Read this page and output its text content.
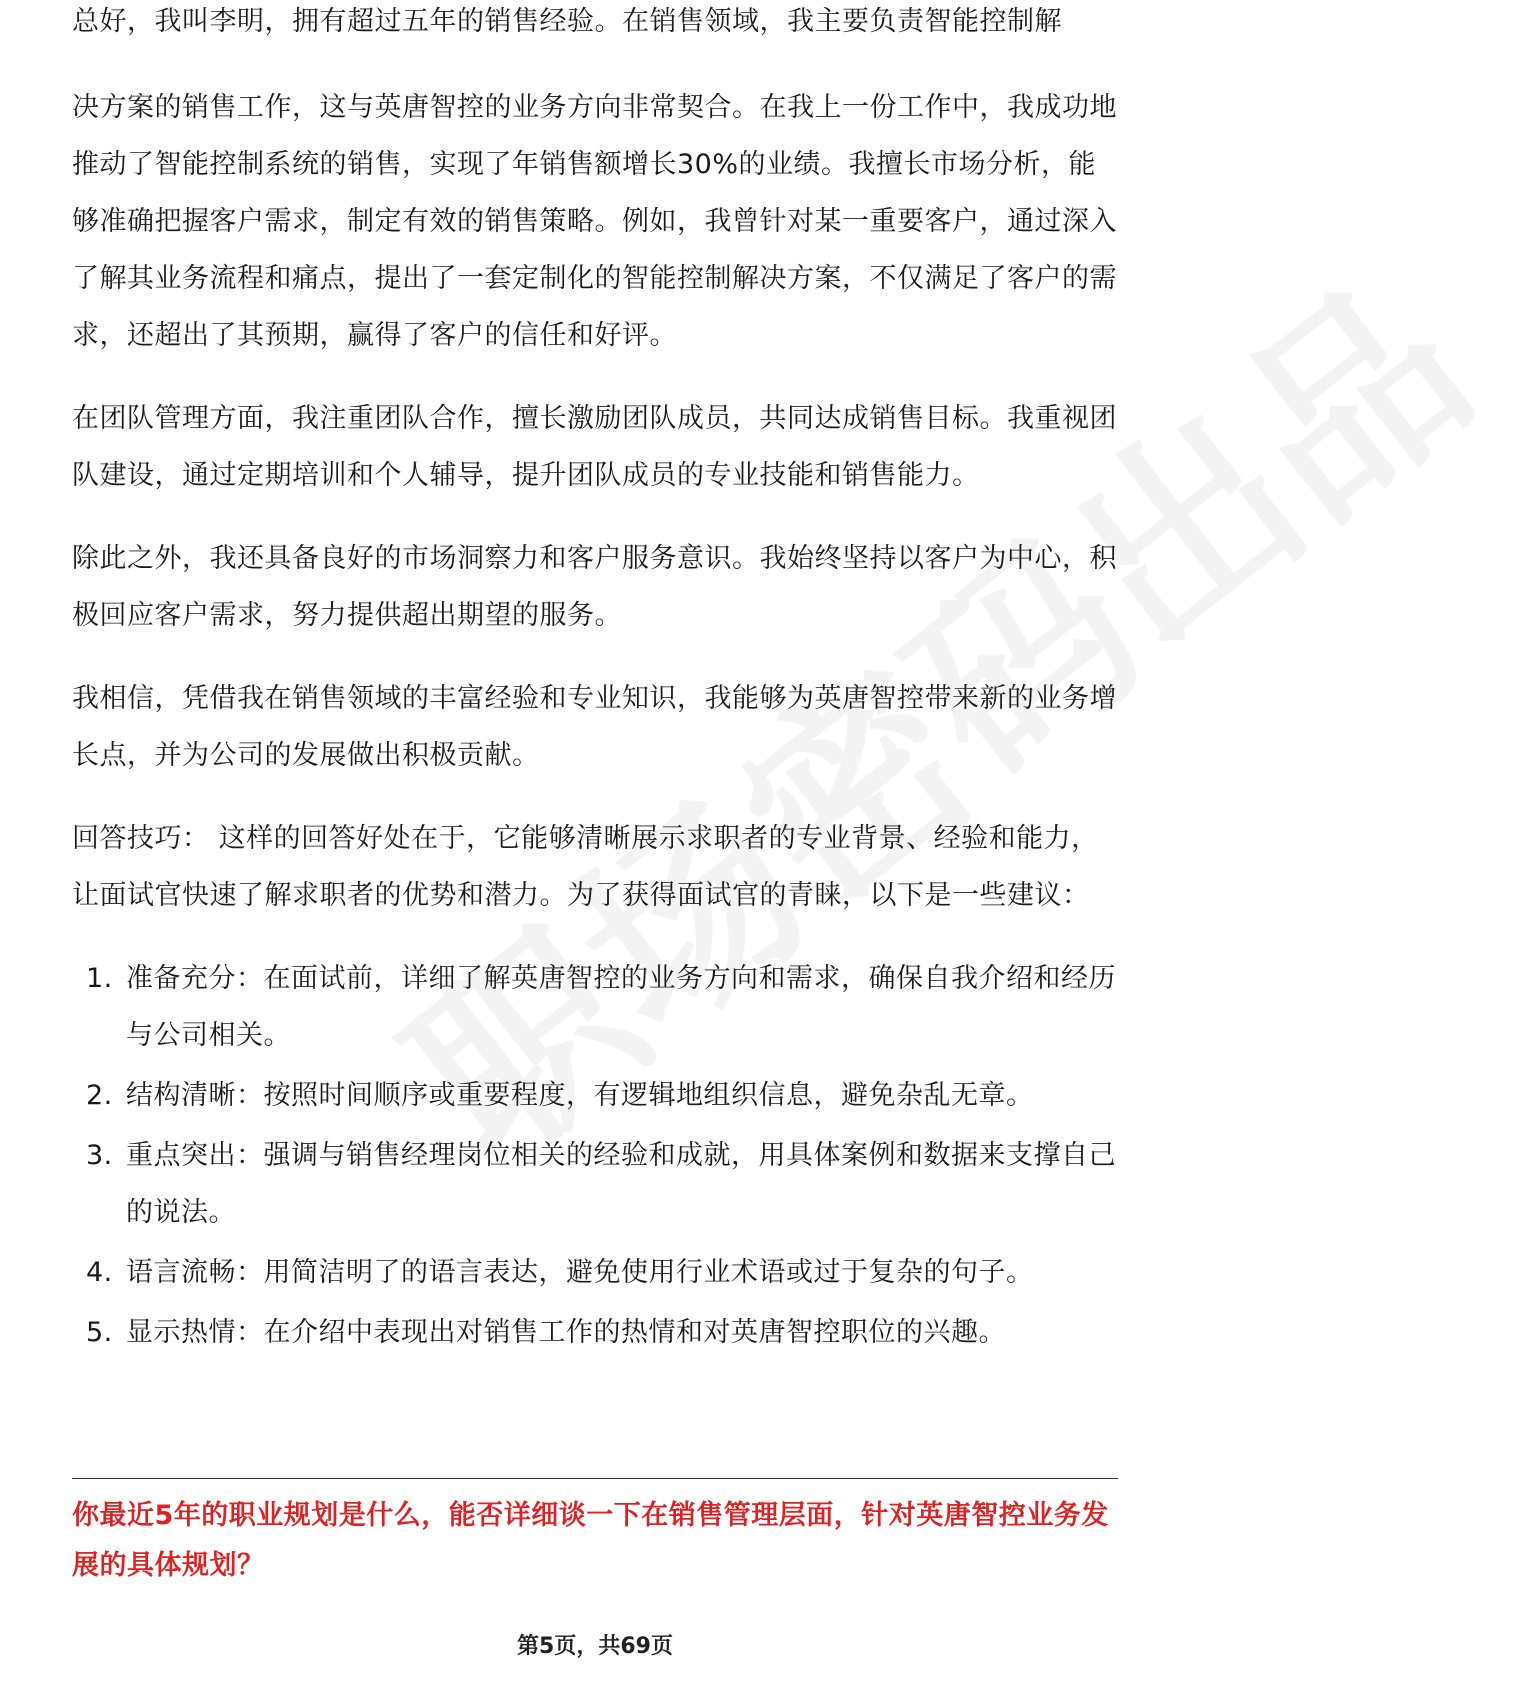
总好，我叫李明，拥有超过五年的销售经验。在销售领域，我主要负责智能控制解
决方案的销售工作，这与英唐智控的业务方向非常契合。在我上一份工作中，我成功地推动了智能控制系统的销售，实现了年销售额增长30%的业绩。我擅长市场分析，能够准确把握客户需求，制定有效的销售策略。例如，我曾针对某一重要客户，通过深入了解其业务流程和痛点，提出了一套定制化的智能控制解决方案，不仅满足了客户的需求，还超出了其预期，赢得了客户的信任和好评。

在团队管理方面，我注重团队合作，擅长激励团队成员，共同达成销售目标。我重视团队建设，通过定期培训和个人辅导，提升团队成员的专业技能和销售能力。

除此之外，我还具备良好的市场洞察力和客户服务意识。我始终坚持以客户为中心，积极回应客户需求，努力提供超出期望的服务。

我相信，凭借我在销售领域的丰富经验和专业知识，我能够为英唐智控带来新的业务增长点，并为公司的发展做出积极贡献。

回答技巧： 这样的回答好处在于，它能够清晰展示求职者的专业背景、经验和能力，让面试官快速了解求职者的优势和潜力。为了获得面试官的青睐，以下是一些建议：

1. 准备充分：在面试前，详细了解英唐智控的业务方向和需求，确保自我介绍和经历与公司相关。
2. 结构清晰：按照时间顺序或重要程度，有逻辑地组织信息，避免杂乱无章。
3. 重点突出：强调与销售经理岗位相关的经验和成就，用具体案例和数据来支撑自己的说法。
4. 语言流畅：用简洁明了的语言表达，避免使用行业术语或过于复杂的句子。
5. 显示热情：在介绍中表现出对销售工作的热情和对英唐智控职位的兴趣。
你最近5年的职业规划是什么，能否详细谈一下在销售管理层面，针对英唐智控业务发展的具体规划？
第5页，共69页
